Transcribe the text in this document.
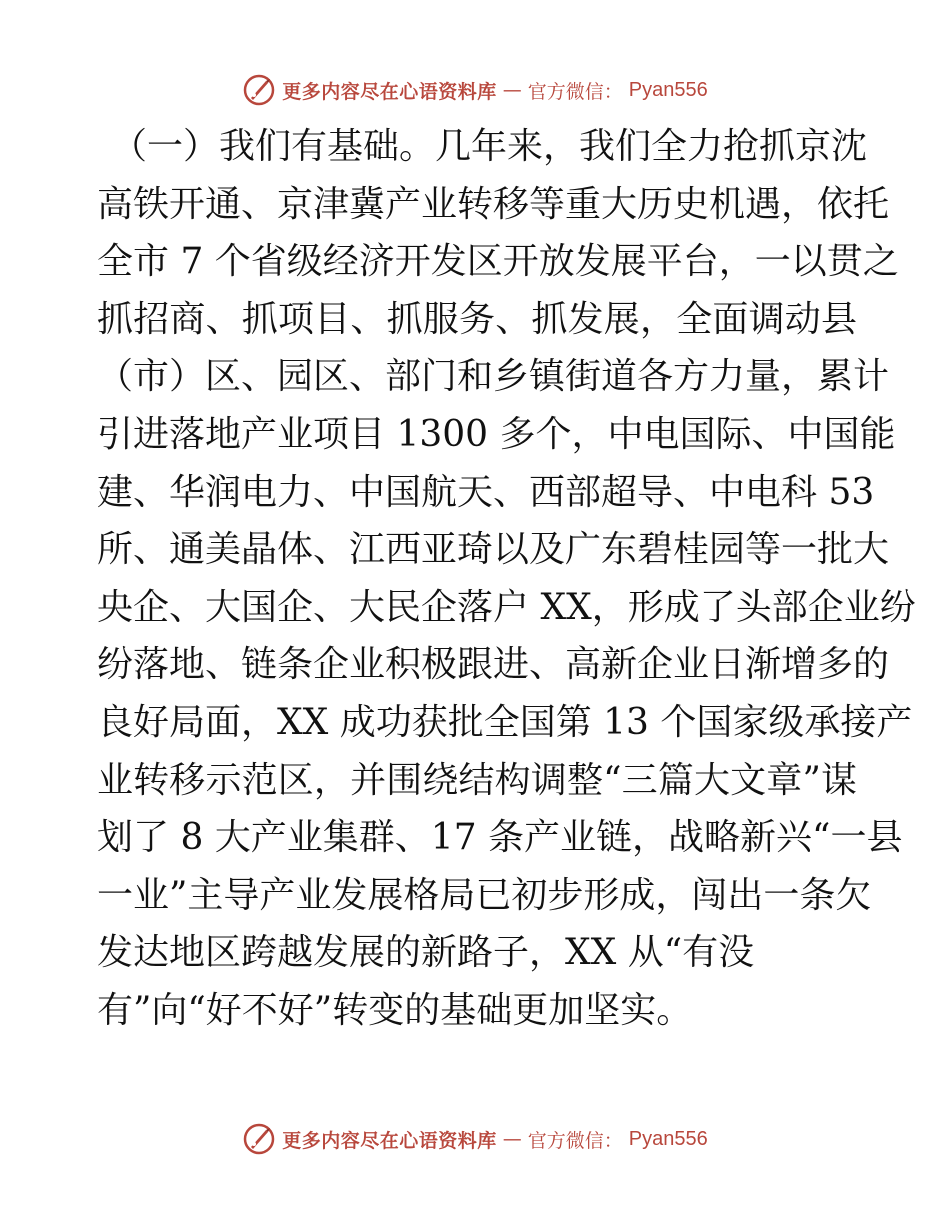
更多内容尽在心语资料库 — 官方微信： Pyan556
（一）我们有基础。几年来，我们全力抢抓京沈
高铁开通、京津冀产业转移等重大历史机遇，依托
全市 7 个省级经济开发区开放发展平台，一以贯之
抓招商、抓项目、抓服务、抓发展，全面调动县
（市）区、园区、部门和乡镇街道各方力量，累计
引进落地产业项目 1300 多个，中电国际、中国能
建、华润电力、中国航天、西部超导、中电科 53
所、通美晶体、江西亚琦以及广东碧桂园等一批大
央企、大国企、大民企落户 XX，形成了头部企业纷
纷落地、链条企业积极跟进、高新企业日渐增多的
良好局面，XX 成功获批全国第 13 个国家级承接产
业转移示范区，并围绕结构调整“三篇大文章”谋
划了 8 大产业集群、17 条产业链，战略新兴“一县
一业”主导产业发展格局已初步形成，闯出一条欠
发达地区跨越发展的新路子，XX 从“有没
有”向“好不好”转变的基础更加坚实。
更多内容尽在心语资料库 — 官方微信： Pyan556
